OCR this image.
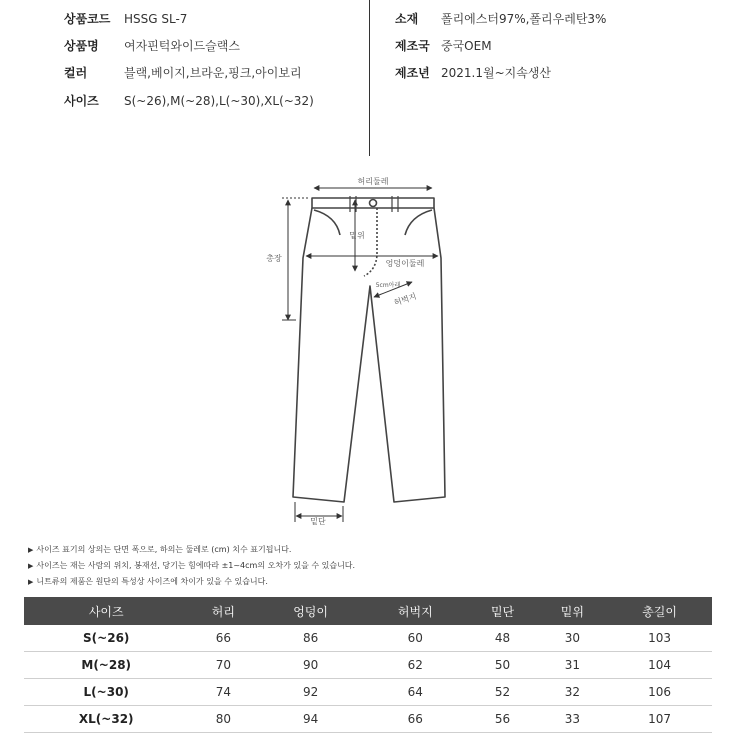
상품코드 HSSG SL-7
상품명 여자핀턱와이드슬랙스
컬러	블랙,베이지,브라운,핑크,아이보리
사이즈 S(~26),M(~28),L(~30),XL(~32)
소재 폴리에스터97%,폴리우레탄3%
제조국 중국OEM
제조년 2021.1월~지속생산
허리둘레
총장
밑위
엉덩이둘레
5cm아래
허벅지
밑단
▶ 사이즈 표기의 상의는 단면 폭으로, 하의는 둘레로 (cm) 치수 표기됩니다.
▶ 사이즈는 재는 사람의 위치, 봉재선, 당기는 힘에따라 ±1~4cm의 오차가 있을 수 있습니다.
▶ 니트류의 제품은 원단의 특성상 사이즈에 차이가 있을 수 있습니다.
사이즈	허리	엉덩이	허벅지	밑단	밑위	총길이
S(~26)	66	86	60	48	30	103
M(~28)	70	90	62	50	31	104
L(~30)	74	92	64	52	32	106
XL(~32)	80	94	66	56	33	107
